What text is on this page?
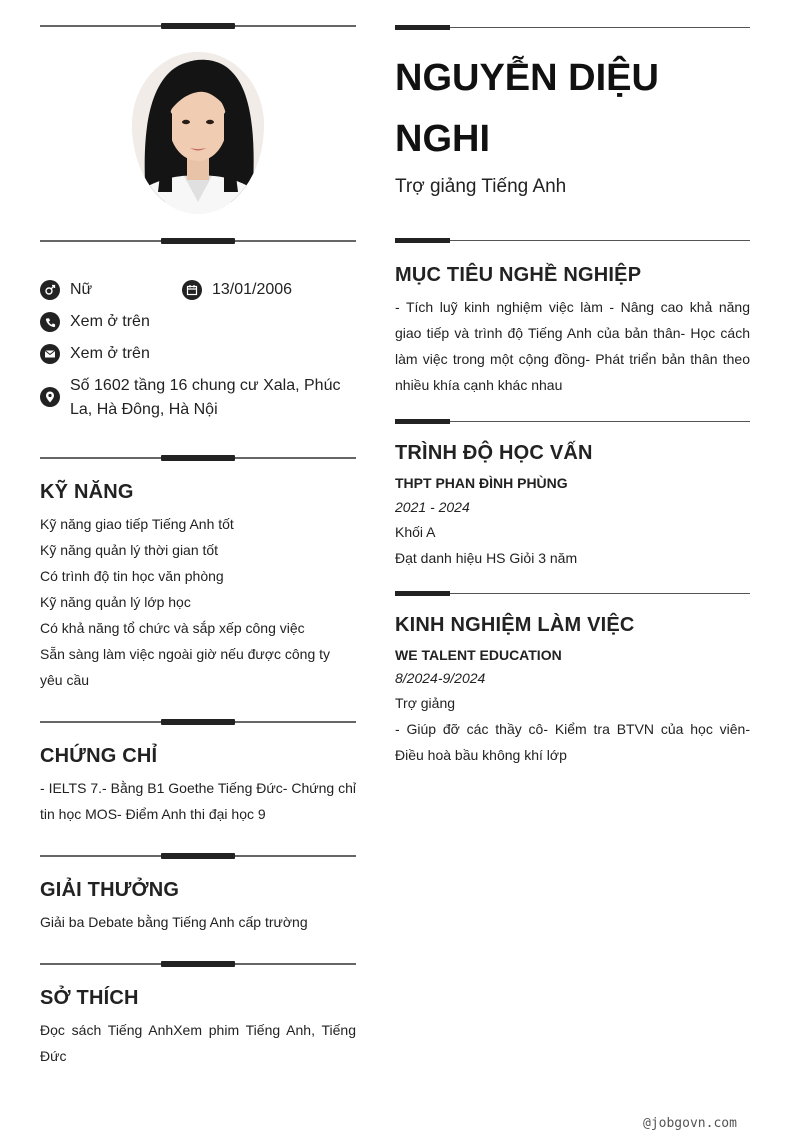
Nữ	13/01/2006
Xem ở trên
Xem ở trên
Số 1602 tầng 16 chung cư Xala, Phúc La, Hà Đông, Hà Nội
KỸ NĂNG
Kỹ năng giao tiếp Tiếng Anh tốt
Kỹ năng quản lý thời gian tốt
Có trình độ tin học văn phòng
Kỹ năng quản lý lớp học
Có khả năng tổ chức và sắp xếp công việc
Sẵn sàng làm việc ngoài giờ nếu được công ty yêu cầu
CHỨNG CHỈ
- IELTS 7.- Bằng B1 Goethe Tiếng Đức- Chứng chỉ tin học MOS- Điểm Anh thi đại học 9
GIẢI THƯỞNG
Giải ba Debate bằng Tiếng Anh cấp trường
SỞ THÍCH
Đọc sách Tiếng AnhXem phim Tiếng Anh, Tiếng Đức
NGUYỄN DIỆU NGHI
Trợ giảng Tiếng Anh
MỤC TIÊU NGHỀ NGHIỆP
- Tích luỹ kinh nghiệm việc làm - Nâng cao khả năng giao tiếp và trình độ Tiếng Anh của bản thân- Học cách làm việc trong một cộng đồng- Phát triển bản thân theo nhiều khía cạnh khác nhau
TRÌNH ĐỘ HỌC VẤN
THPT PHAN ĐÌNH PHÙNG
2021 - 2024
Khối A
Đạt danh hiệu HS Giỏi 3 năm
KINH NGHIỆM LÀM VIỆC
WE TALENT EDUCATION
8/2024-9/2024
Trợ giảng
- Giúp đỡ các thầy cô- Kiểm tra BTVN của học viên- Điều hoà bầu không khí lớp
@jobgovn.com
